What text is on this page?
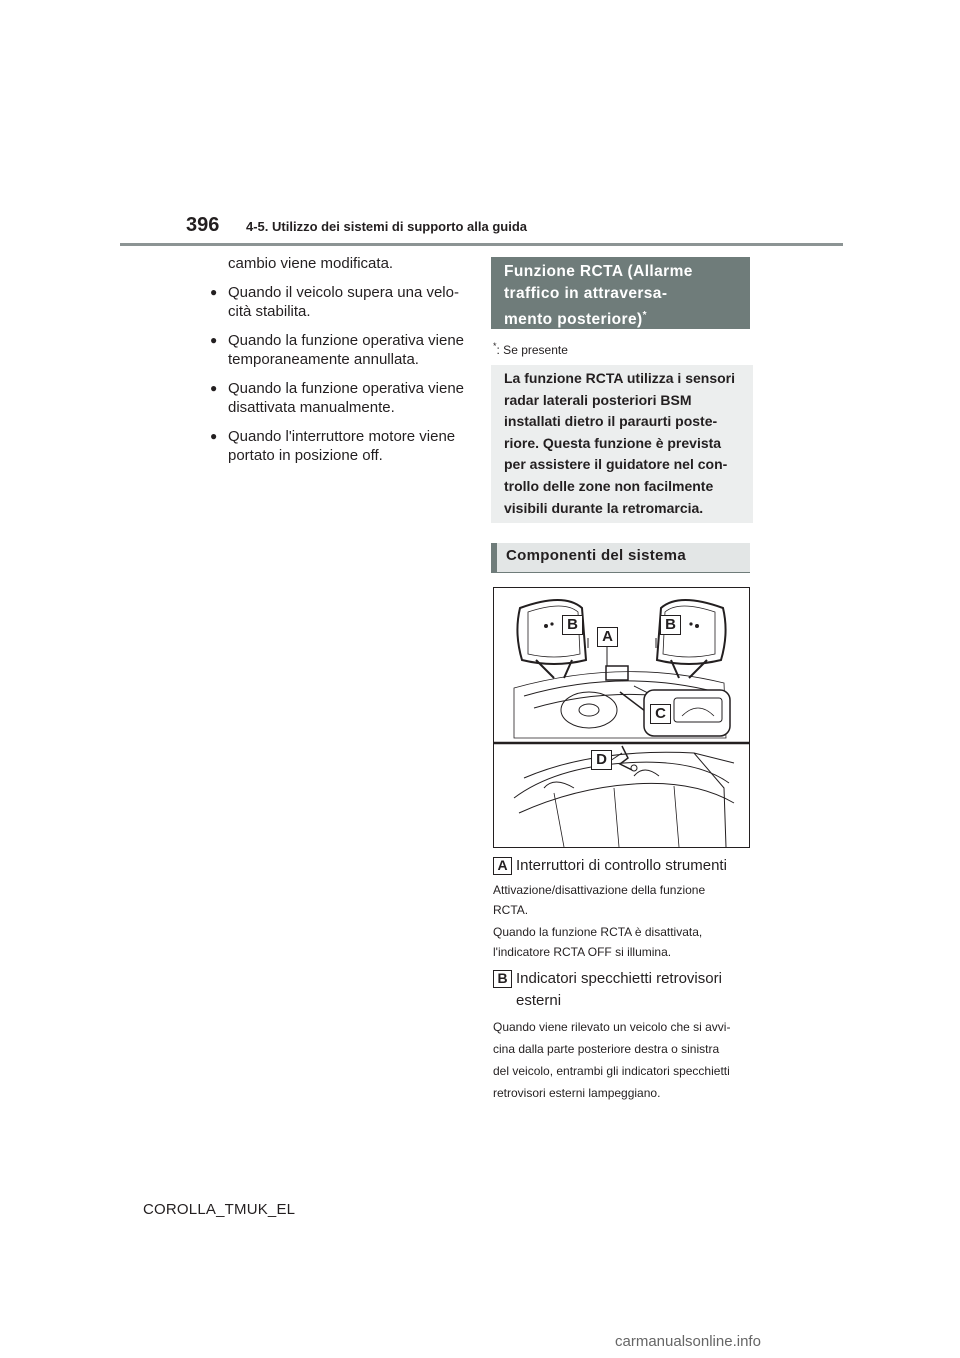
396 4-5. Utilizzo dei sistemi di supporto alla guida
cambio viene modificata.
● Quando il veicolo supera una velo-
cità stabilita.
● Quando la funzione operativa viene
temporaneamente annullata.
● Quando la funzione operativa viene
disattivata manualmente.
● Quando l'interruttore motore viene
portato in posizione off.
Funzione RCTA (Allarme
traffico in attraversa-
mento posteriore)*
*: Se presente
La funzione RCTA utilizza i sensori
radar laterali posteriori BSM
installati dietro il paraurti poste-
riore. Questa funzione è prevista
per assistere il guidatore nel con-
trollo delle zone non facilmente
visibili durante la retromarcia.
Componenti del sistema
B
A
B
C
D
A Interruttori di controllo strumenti
Attivazione/disattivazione della funzione
RCTA.
Quando la funzione RCTA è disattivata,
l'indicatore RCTA OFF si illumina.
B Indicatori specchietti retrovisori
esterni
Quando viene rilevato un veicolo che si avvi-
cina dalla parte posteriore destra o sinistra
del veicolo, entrambi gli indicatori specchietti
retrovisori esterni lampeggiano.
COROLLA_TMUK_EL
carmanualsonline.info
